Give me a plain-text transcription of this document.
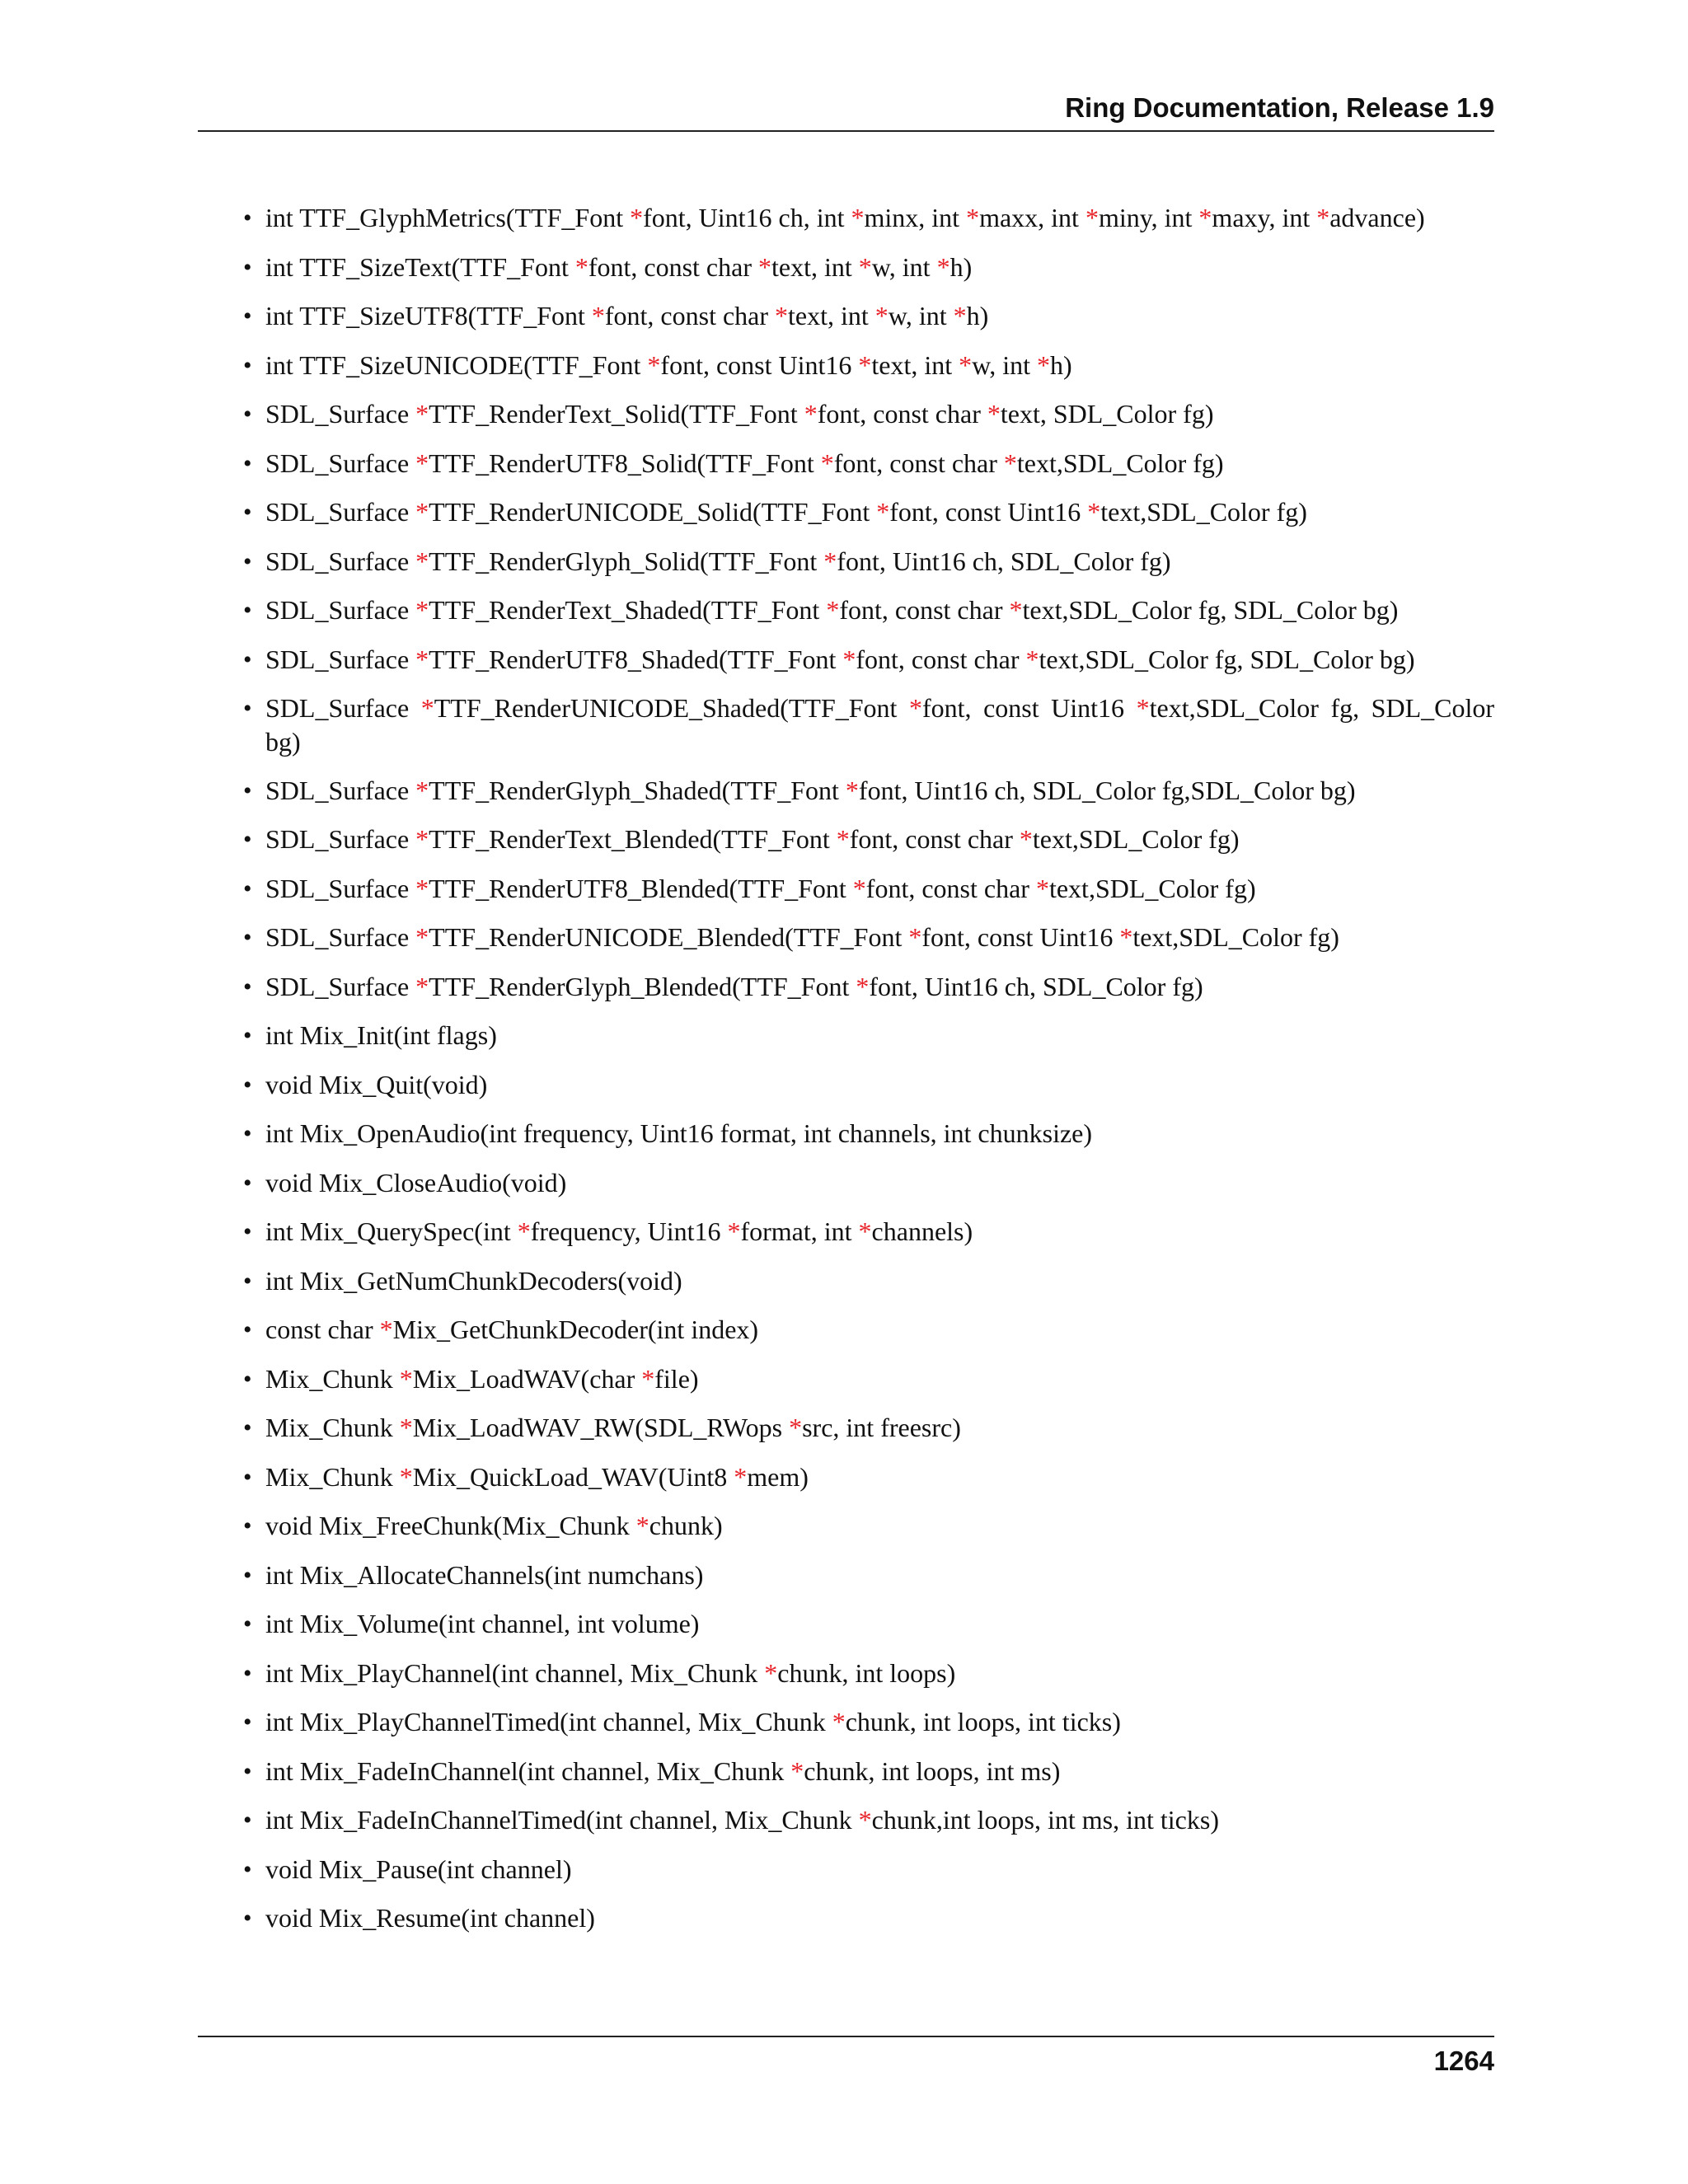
Ring Documentation, Release 1.9
• int TTF_GlyphMetrics(TTF_Font *font, Uint16 ch, int *minx, int *maxx, int *miny, int *maxy, int *advance)
• int TTF_SizeText(TTF_Font *font, const char *text, int *w, int *h)
• int TTF_SizeUTF8(TTF_Font *font, const char *text, int *w, int *h)
• int TTF_SizeUNICODE(TTF_Font *font, const Uint16 *text, int *w, int *h)
• SDL_Surface *TTF_RenderText_Solid(TTF_Font *font, const char *text, SDL_Color fg)
• SDL_Surface *TTF_RenderUTF8_Solid(TTF_Font *font, const char *text,SDL_Color fg)
• SDL_Surface *TTF_RenderUNICODE_Solid(TTF_Font *font, const Uint16 *text,SDL_Color fg)
• SDL_Surface *TTF_RenderGlyph_Solid(TTF_Font *font, Uint16 ch, SDL_Color fg)
• SDL_Surface *TTF_RenderText_Shaded(TTF_Font *font, const char *text,SDL_Color fg, SDL_Color bg)
• SDL_Surface *TTF_RenderUTF8_Shaded(TTF_Font *font, const char *text,SDL_Color fg, SDL_Color bg)
• SDL_Surface *TTF_RenderUNICODE_Shaded(TTF_Font *font, const Uint16 *text,SDL_Color fg, SDL_Color bg)
• SDL_Surface *TTF_RenderGlyph_Shaded(TTF_Font *font, Uint16 ch, SDL_Color fg,SDL_Color bg)
• SDL_Surface *TTF_RenderText_Blended(TTF_Font *font, const char *text,SDL_Color fg)
• SDL_Surface *TTF_RenderUTF8_Blended(TTF_Font *font, const char *text,SDL_Color fg)
• SDL_Surface *TTF_RenderUNICODE_Blended(TTF_Font *font, const Uint16 *text,SDL_Color fg)
• SDL_Surface *TTF_RenderGlyph_Blended(TTF_Font *font, Uint16 ch, SDL_Color fg)
• int Mix_Init(int flags)
• void Mix_Quit(void)
• int Mix_OpenAudio(int frequency, Uint16 format, int channels, int chunksize)
• void Mix_CloseAudio(void)
• int Mix_QuerySpec(int *frequency, Uint16 *format, int *channels)
• int Mix_GetNumChunkDecoders(void)
• const char *Mix_GetChunkDecoder(int index)
• Mix_Chunk *Mix_LoadWAV(char *file)
• Mix_Chunk *Mix_LoadWAV_RW(SDL_RWops *src, int freesrc)
• Mix_Chunk *Mix_QuickLoad_WAV(Uint8 *mem)
• void Mix_FreeChunk(Mix_Chunk *chunk)
• int Mix_AllocateChannels(int numchans)
• int Mix_Volume(int channel, int volume)
• int Mix_PlayChannel(int channel, Mix_Chunk *chunk, int loops)
• int Mix_PlayChannelTimed(int channel, Mix_Chunk *chunk, int loops, int ticks)
• int Mix_FadeInChannel(int channel, Mix_Chunk *chunk, int loops, int ms)
• int Mix_FadeInChannelTimed(int channel, Mix_Chunk *chunk,int loops, int ms, int ticks)
• void Mix_Pause(int channel)
• void Mix_Resume(int channel)
1264
